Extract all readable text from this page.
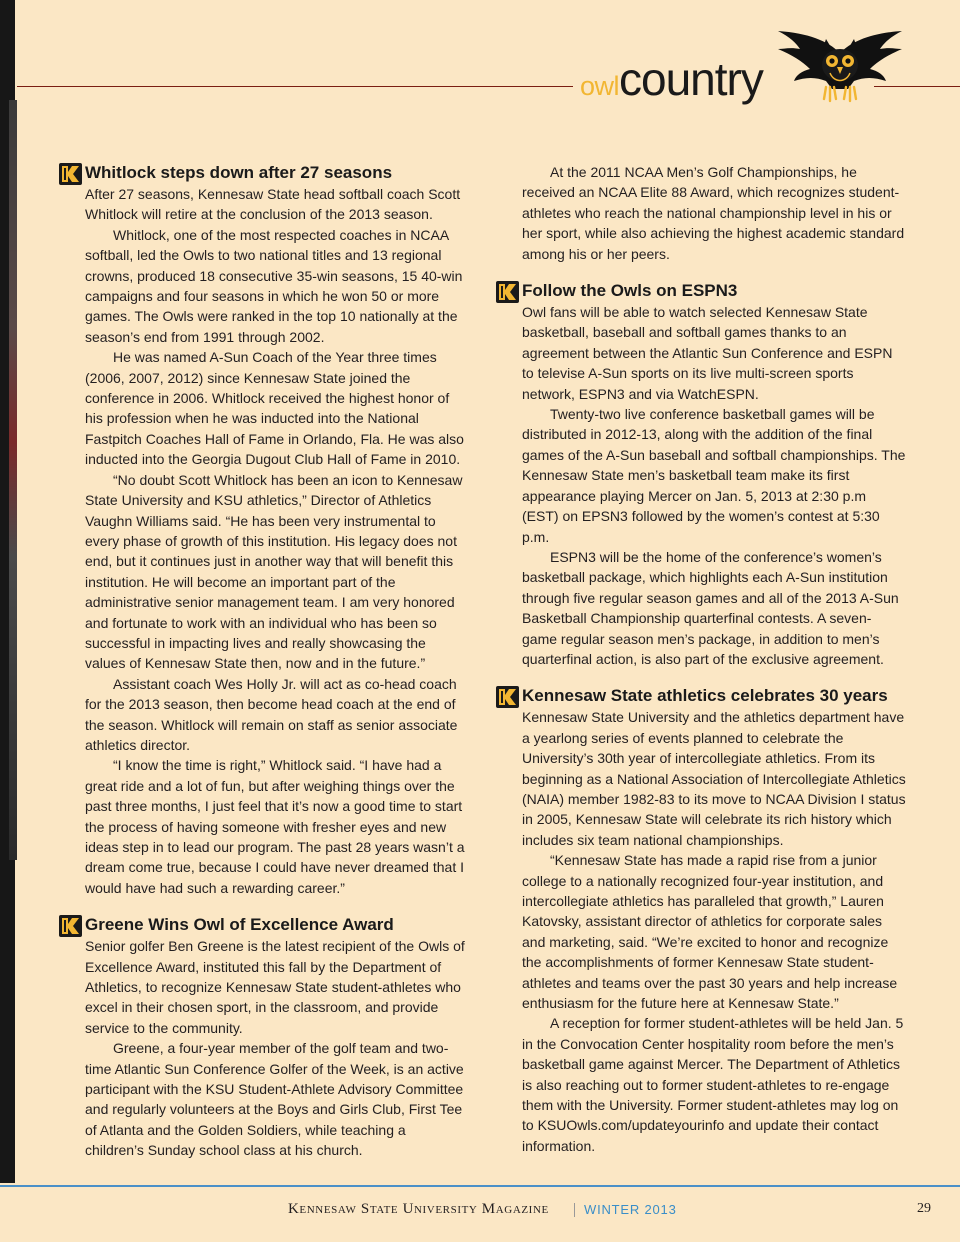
owlcountry
Whitlock steps down after 27 seasons

After 27 seasons, Kennesaw State head softball coach Scott Whitlock will retire at the conclusion of the 2013 season.

Whitlock, one of the most respected coaches in NCAA softball, led the Owls to two national titles and 13 regional crowns, produced 18 consecutive 35-win seasons, 15 40-win campaigns and four seasons in which he won 50 or more games. The Owls were ranked in the top 10 nationally at the season’s end from 1991 through 2002.

He was named A-Sun Coach of the Year three times (2006, 2007, 2012) since Kennesaw State joined the conference in 2006. Whitlock received the highest honor of his profession when he was inducted into the National Fastpitch Coaches Hall of Fame in Orlando, Fla. He was also inducted into the Georgia Dugout Club Hall of Fame in 2010.

“No doubt Scott Whitlock has been an icon to Kennesaw State University and KSU athletics,” Director of Athletics Vaughn Williams said. “He has been very instrumental to every phase of growth of this institution. His legacy does not end, but it continues just in another way that will benefit this institution. He will become an important part of the administrative senior management team. I am very honored and fortunate to work with an individual who has been so successful in impacting lives and really showcasing the values of Kennesaw State then, now and in the future.”

Assistant coach Wes Holly Jr. will act as co-head coach for the 2013 season, then become head coach at the end of the season. Whitlock will remain on staff as senior associate athletics director.

“I know the time is right,” Whitlock said. “I have had a great ride and a lot of fun, but after weighing things over the past three months, I just feel that it’s now a good time to start the process of having someone with fresher eyes and new ideas step in to lead our program. The past 28 years wasn’t a dream come true, because I could have never dreamed that I would have had such a rewarding career.”

Greene Wins Owl of Excellence Award

Senior golfer Ben Greene is the latest recipient of the Owls of Excellence Award, instituted this fall by the Department of Athletics, to recognize Kennesaw State student-athletes who excel in their chosen sport, in the classroom, and provide service to the community.

Greene, a four-year member of the golf team and two-time Atlantic Sun Conference Golfer of the Week, is an active participant with the KSU Student-Athlete Advisory Committee and regularly volunteers at the Boys and Girls Club, First Tee of Atlanta and the Golden Soldiers, while teaching a children’s Sunday school class at his church.

At the 2011 NCAA Men’s Golf Championships, he received an NCAA Elite 88 Award, which recognizes student-athletes who reach the national championship level in his or her sport, while also achieving the highest academic standard among his or her peers.

Follow the Owls on ESPN3

Owl fans will be able to watch selected Kennesaw State basketball, baseball and softball games thanks to an agreement between the Atlantic Sun Conference and ESPN to televise A-Sun sports on its live multi-screen sports network, ESPN3 and via WatchESPN.

Twenty-two live conference basketball games will be distributed in 2012-13, along with the addition of the final games of the A-Sun baseball and softball championships. The Kennesaw State men’s basketball team make its first appearance playing Mercer on Jan. 5, 2013 at 2:30 p.m (EST) on EPSN3 followed by the women’s contest at 5:30 p.m.

ESPN3 will be the home of the conference’s women’s basketball package, which highlights each A-Sun institution through five regular season games and all of the 2013 A-Sun Basketball Championship quarterfinal contests. A seven-game regular season men’s package, in addition to men’s quarterfinal action, is also part of the exclusive agreement.

Kennesaw State athletics celebrates 30 years

Kennesaw State University and the athletics department have a yearlong series of events planned to celebrate the University’s 30th year of intercollegiate athletics. From its beginning as a National Association of Intercollegiate Athletics (NAIA) member 1982-83 to its move to NCAA Division I status in 2005, Kennesaw State will celebrate its rich history which includes six team national championships.

“Kennesaw State has made a rapid rise from a junior college to a nationally recognized four-year institution, and intercollegiate athletics has paralleled that growth,” Lauren Katovsky, assistant director of athletics for corporate sales and marketing, said. “We’re excited to honor and recognize the accomplishments of former Kennesaw State student-athletes and teams over the past 30 years and help increase enthusiasm for the future here at Kennesaw State.”

A reception for former student-athletes will be held Jan. 5 in the Convocation Center hospitality room before the men’s basketball game against Mercer. The Department of Athletics is also reaching out to former student-athletes to re-engage them with the University. Former student-athletes may log on to KSUOwls.com/updateyourinfo and update their contact information.

Kennesaw State University Magazine	WINTER 2013	29
